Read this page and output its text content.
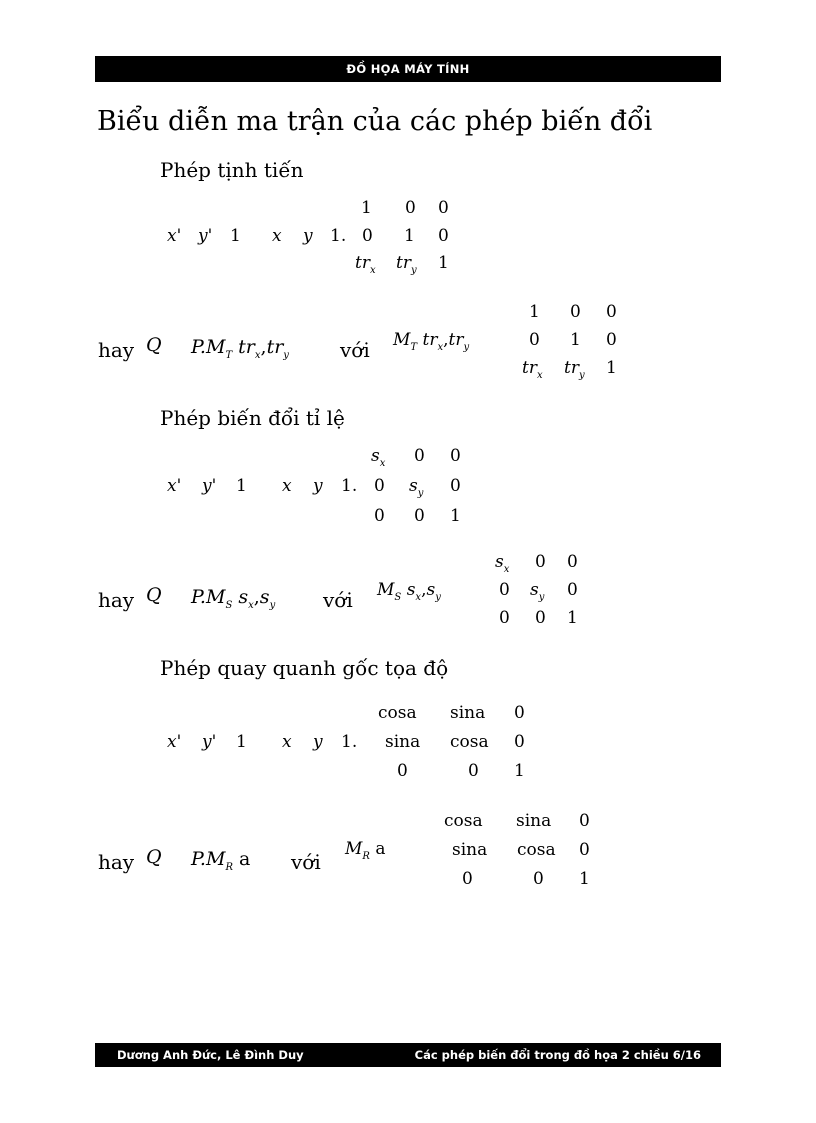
ĐỒ HỌA MÁY TÍNH
Biểu diễn ma trận của các phép biến đổi
Phép tịnh tiến
x' y' 1 x y 1.
1 0 0
0 1 0
$tr_x$ $tr_y$ 1
hay Q $P.M_T$ $tr_x,tr_y$	với $M_T$ $tr_x,tr_y$
1 0 0
0 1 0
$tr_x$ $tr_y$ 1
Phép biến đổi tỉ lệ
x' y' 1 x y 1.
$s_x$ 0 0
0 $s_y$ 0
0 0 1
hay Q $P.M_S$ $s_x,s_y$ với $M_S$ $s_x,s_y$
$s_x$ 0 0
0 $s_y$ 0
0 0 1
Phép quay quanh gốc tọa độ
x' y' 1 x y 1.
cosa sina 0
sina cosa 0
0	0 1
hay Q $P.M_R$ a với
$M_R$ a
cosa sina 0
sina cosa 0
0	0 1
Dương Anh Đức, Lê Đình Duy	Các phép biến đổi trong đồ họa 2 chiều 6/16
